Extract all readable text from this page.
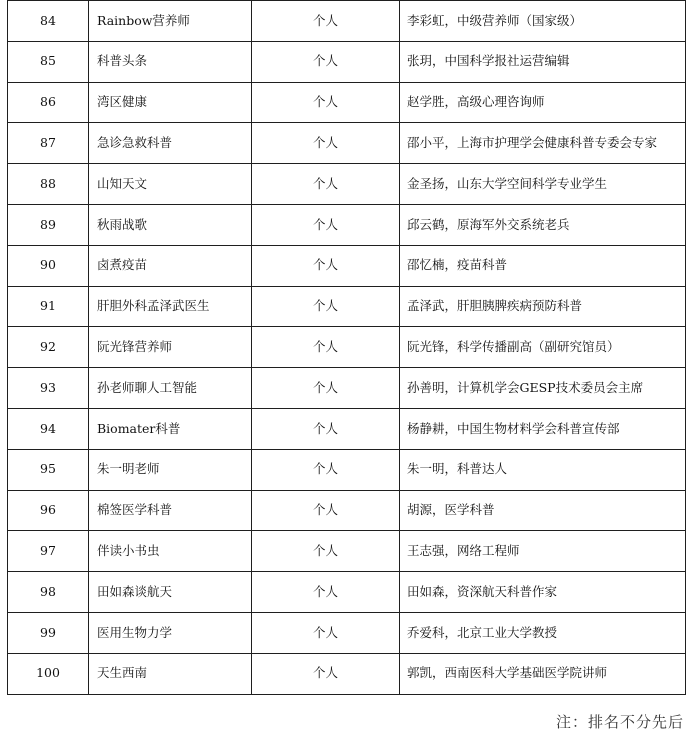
84	Rainbow营养师	个人	李彩虹，中级营养师（国家级）
85	科普头条	个人	张玥，中国科学报社运营编辑
86	湾区健康	个人	赵学胜，高级心理咨询师
87	急诊急救科普	个人	邵小平，上海市护理学会健康科普专委会专家
88	山知天文	个人	金圣扬，山东大学空间科学专业学生
89	秋雨战歌	个人	邱云鹤，原海军外交系统老兵
90	卤煮疫苗	个人	邵忆楠，疫苗科普
91	肝胆外科孟泽武医生	个人	孟泽武，肝胆胰脾疾病预防科普
92	阮光锋营养师	个人	阮光锋，科学传播副高（副研究馆员）
93	孙老师聊人工智能	个人	孙善明，计算机学会GESP技术委员会主席
94	Biomater科普	个人	杨静耕，中国生物材料学会科普宣传部
95	朱一明老师	个人	朱一明，科普达人
96	棉签医学科普	个人	胡源，医学科普
97	伴读小书虫	个人	王志强，网络工程师
98	田如森谈航天	个人	田如森，资深航天科普作家
99	医用生物力学	个人	乔爱科，北京工业大学教授
100	天生西南	个人	郭凯，西南医科大学基础医学院讲师
注：排名不分先后
